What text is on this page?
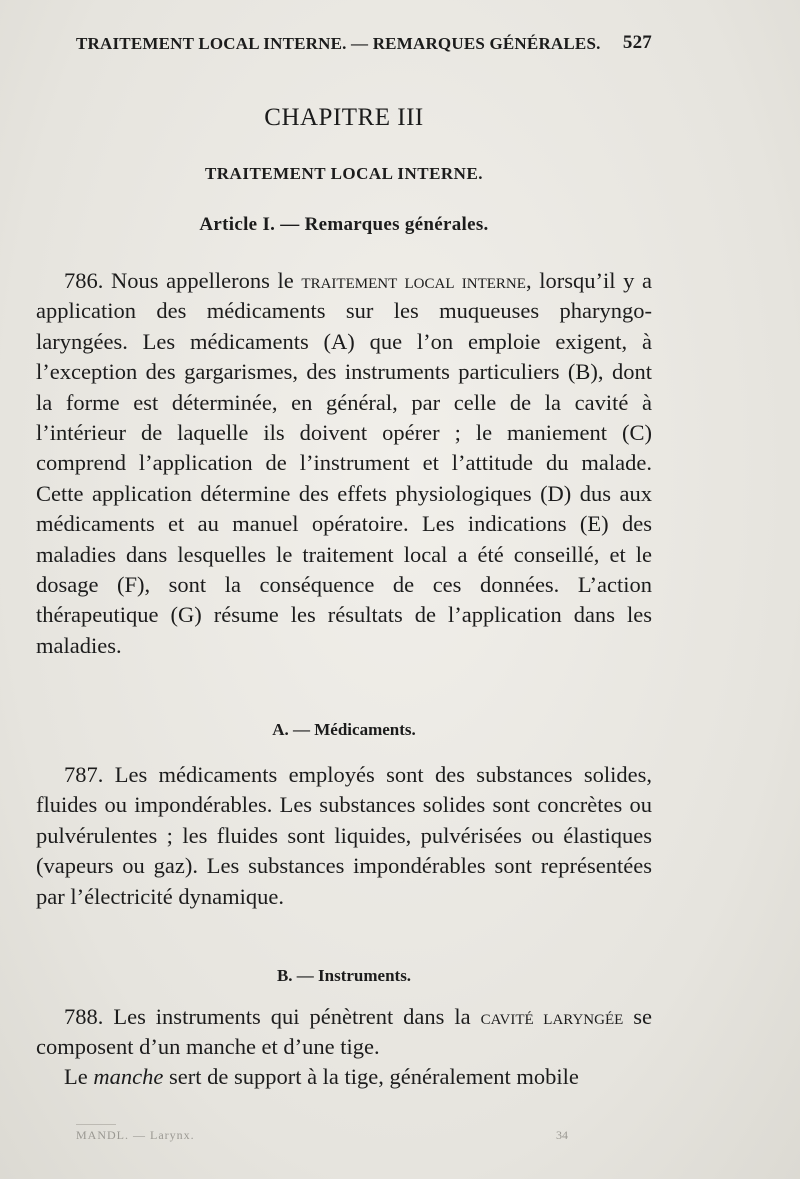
TRAITEMENT LOCAL INTERNE. — REMARQUES GÉNÉRALES. 527
CHAPITRE III
TRAITEMENT LOCAL INTERNE.
Article I. — Remarques générales.

786. Nous appellerons le traitement local interne, lorsqu’il y a application des médicaments sur les muqueuses pharyngo-laryngées. Les médicaments (A) que l’on emploie exigent, à l’exception des gargarismes, des instruments particuliers (B), dont la forme est déterminée, en général, par celle de la cavité à l’intérieur de laquelle ils doivent opérer ; le maniement (C) comprend l’application de l’instrument et l’attitude du malade. Cette application détermine des effets physiologiques (D) dus aux médicaments et au manuel opératoire. Les indications (E) des maladies dans lesquelles le traitement local a été conseillé, et le dosage (F), sont la conséquence de ces données. L’action thérapeutique (G) résume les résultats de l’application dans les maladies.

A. — Médicaments.

787. Les médicaments employés sont des substances solides, fluides ou impondérables. Les substances solides sont concrètes ou pulvérulentes ; les fluides sont liquides, pulvérisées ou élastiques (vapeurs ou gaz). Les substances impondérables sont représentées par l’électricité dynamique.

B. — Instruments.

788. Les instruments qui pénètrent dans la cavité laryngée se composent d’un manche et d’une tige.

Le manche sert de support à la tige, généralement mobile

MANDL. — Larynx.	34
